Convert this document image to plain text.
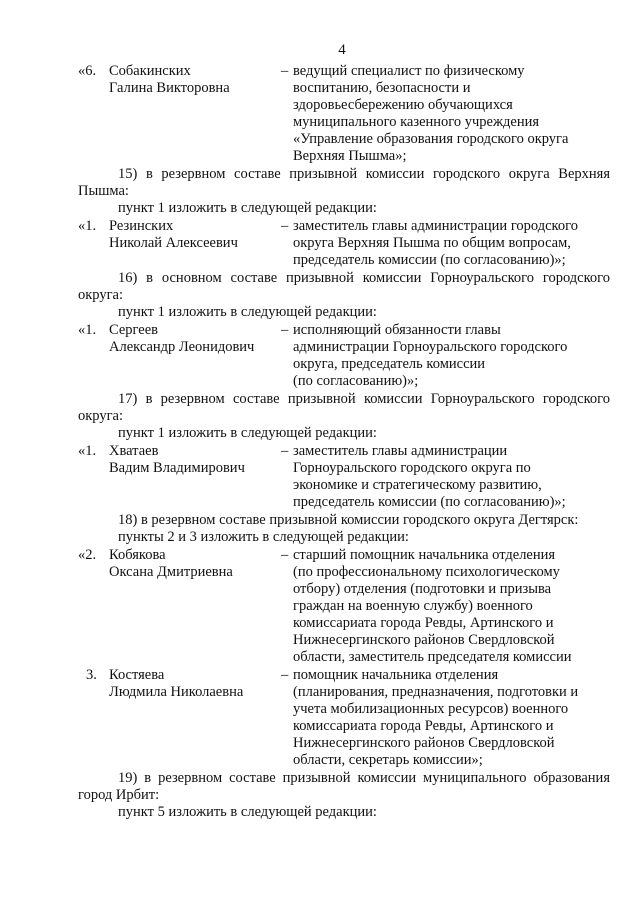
4
«6. Собакинских
Галина Викторовна
– ведущий специалист по физическому
воспитанию, безопасности и
здоровьесбережению обучающихся
муниципального казенного учреждения
«Управление образования городского округа
Верхняя Пышма»;
15) в резервном составе призывной комиссии городского округа Верхняя
Пышма:
пункт 1 изложить в следующей редакции:
«1. Резинских
Николай Алексеевич
– заместитель главы администрации городского
округа Верхняя Пышма по общим вопросам,
председатель комиссии (по согласованию)»;
16) в основном составе призывной комиссии Горноуральского городского
округа:
пункт 1 изложить в следующей редакции:
«1. Сергеев
Александр Леонидович
– исполняющий обязанности главы
администрации Горноуральского городского
округа, председатель комиссии
(по согласованию)»;
17) в резервном составе призывной комиссии Горноуральского городского
округа:
пункт 1 изложить в следующей редакции:
«1. Хватаев
Вадим Владимирович
– заместитель главы администрации
Горноуральского городского округа по
экономике и стратегическому развитию,
председатель комиссии (по согласованию)»;
18) в резервном составе призывной комиссии городского округа Дегтярск:
пункты 2 и 3 изложить в следующей редакции:
«2. Кобякова
Оксана Дмитриевна
– старший помощник начальника отделения
(по профессиональному психологическому
отбору) отделения (подготовки и призыва
граждан на военную службу) военного
комиссариата города Ревды, Артинского и
Нижнесергинского районов Свердловской
области, заместитель председателя комиссии
3. Костяева
Людмила Николаевна
– помощник начальника отделения
(планирования, предназначения, подготовки и
учета мобилизационных ресурсов) военного
комиссариата города Ревды, Артинского и
Нижнесергинского районов Свердловской
области, секретарь комиссии»;
19) в резервном составе призывной комиссии муниципального образования
город Ирбит:
пункт 5 изложить в следующей редакции:
